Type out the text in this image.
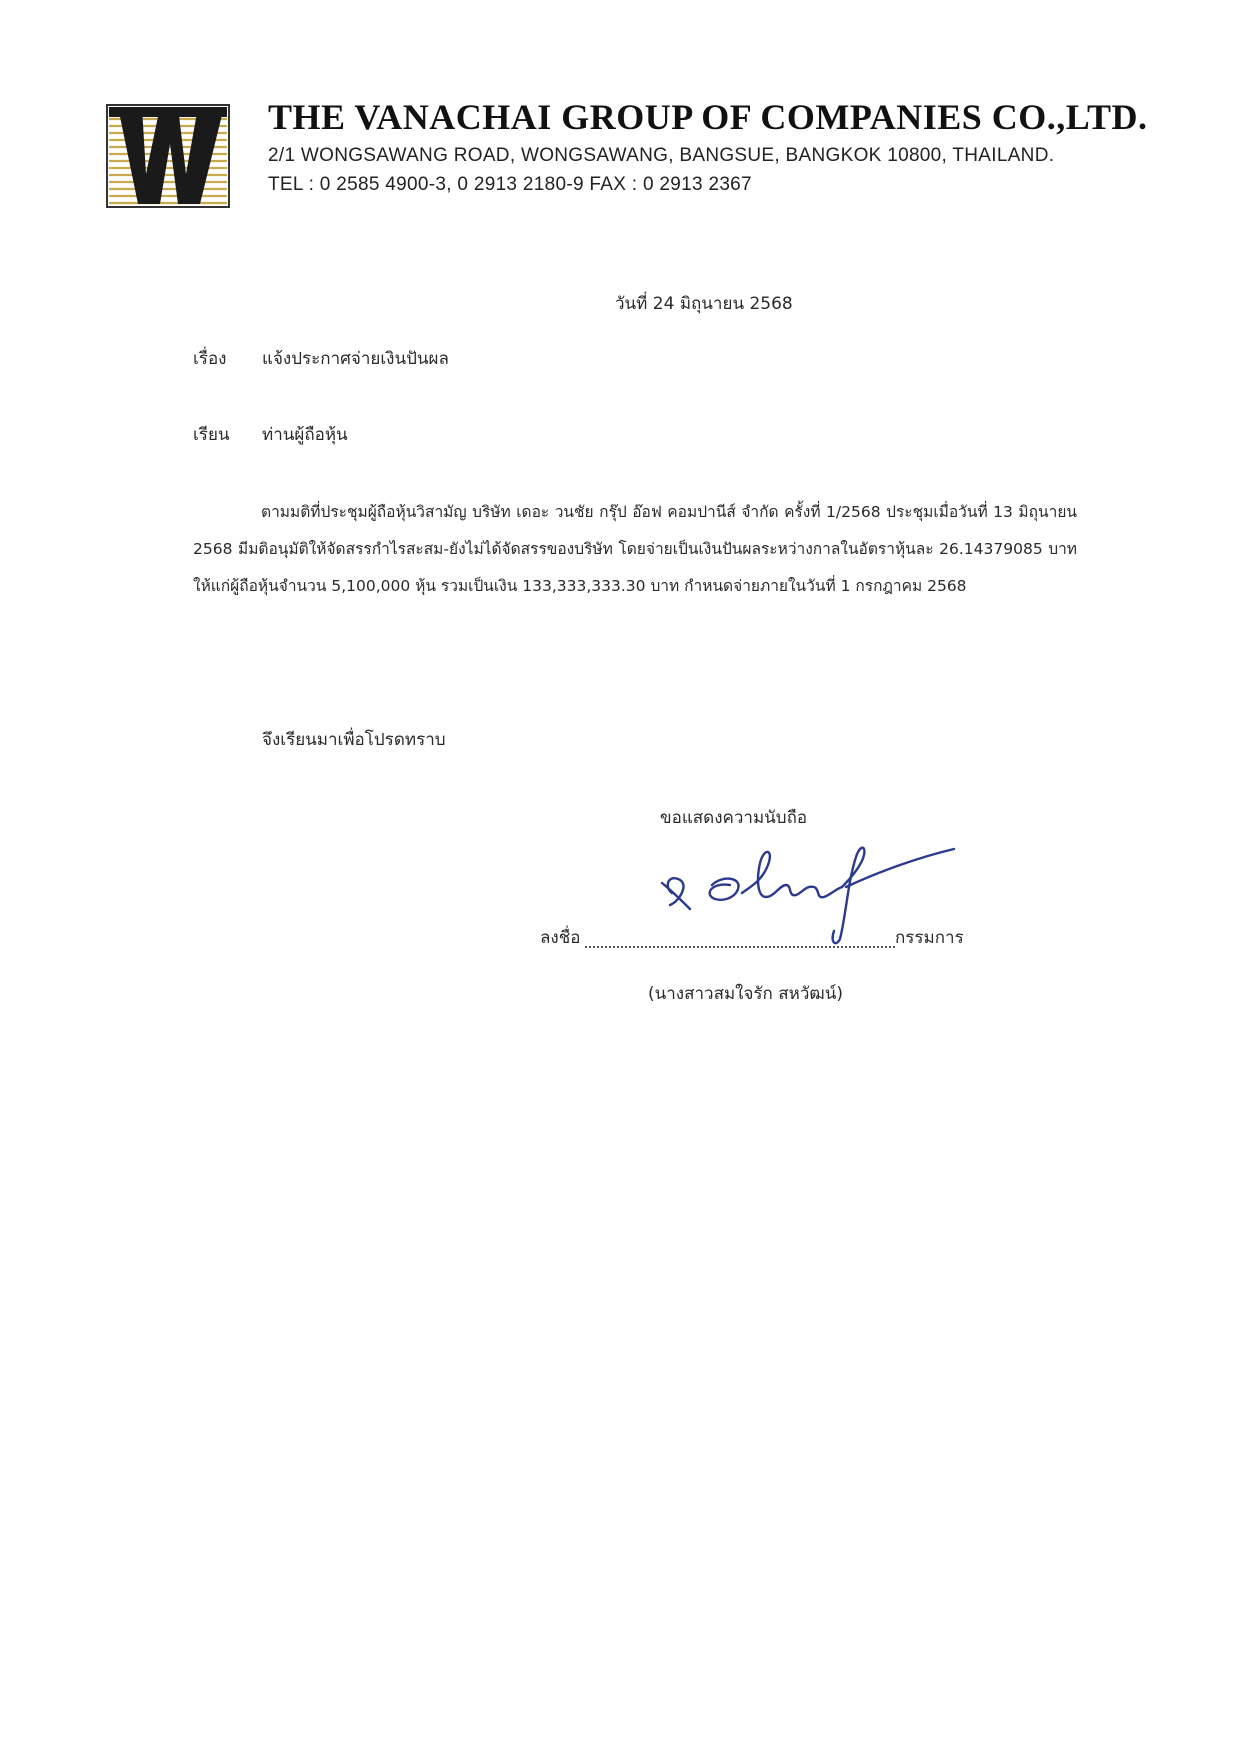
THE VANACHAI GROUP OF COMPANIES CO.,LTD.
2/1 WONGSAWANG ROAD, WONGSAWANG, BANGSUE, BANGKOK 10800, THAILAND.
TEL : 0 2585 4900-3, 0 2913 2180-9 FAX : 0 2913 2367
วันที่ 24 มิถุนายน 2568
เรื่อง แจ้งประกาศจ่ายเงินปันผล
เรียน ท่านผู้ถือหุ้น
ตามมติที่ประชุมผู้ถือหุ้นวิสามัญ บริษัท เดอะ วนชัย กรุ๊ป อ๊อฟ คอมปานีส์ จำกัด ครั้งที่ 1/2568 ประชุมเมื่อวันที่ 13 มิถุนายน 2568 มีมติอนุมัติให้จัดสรรกำไรสะสม-ยังไม่ได้จัดสรรของบริษัท โดยจ่ายเป็นเงินปันผลระหว่างกาลในอัตราหุ้นละ 26.14379085 บาท ให้แก่ผู้ถือหุ้นจำนวน 5,100,000 หุ้น รวมเป็นเงิน 133,333,333.30 บาท กำหนดจ่ายภายในวันที่ 1 กรกฎาคม 2568
จึงเรียนมาเพื่อโปรดทราบ
ขอแสดงความนับถือ
ลงชื่อ	กรรมการ
(นางสาวสมใจรัก สหวัฒน์)
